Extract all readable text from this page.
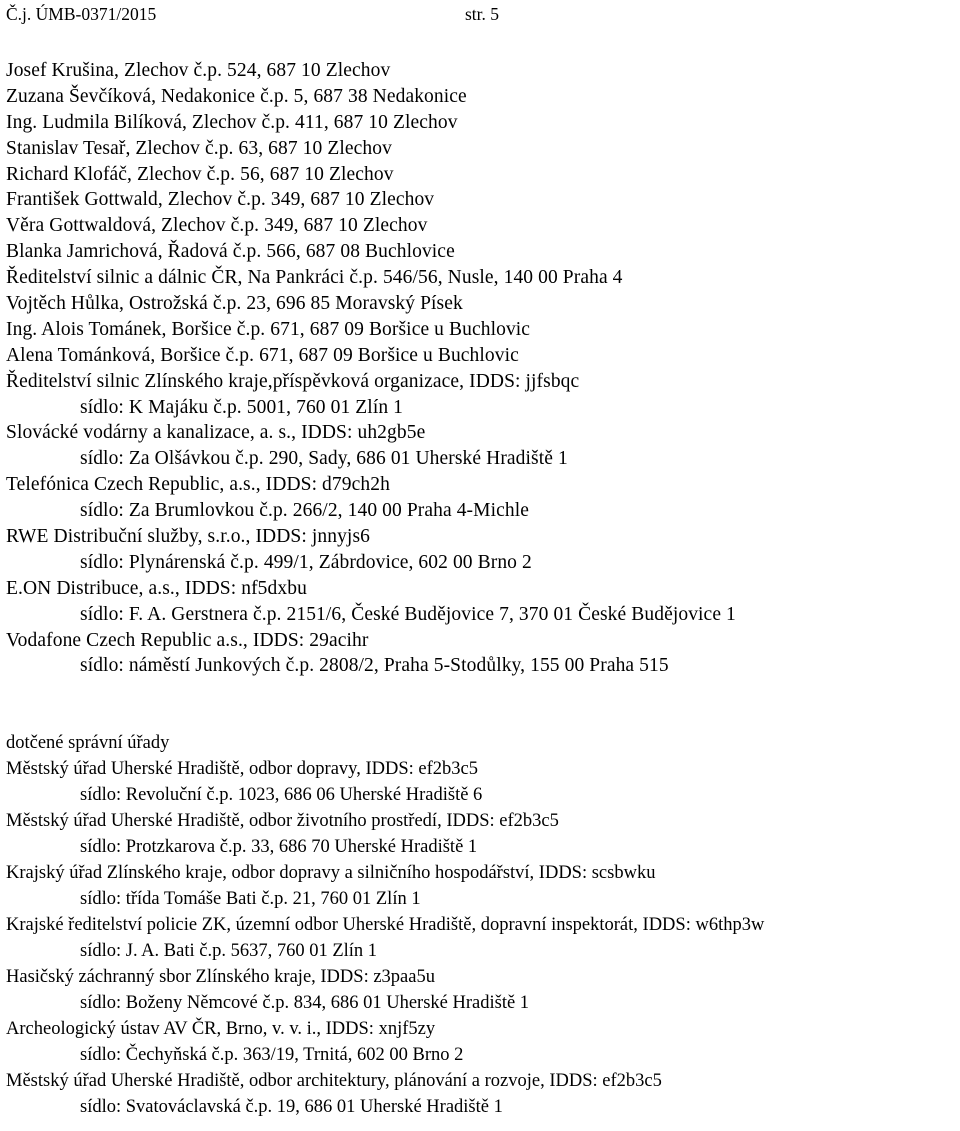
Č.j. ÚMB-0371/2015	str. 5
Josef Krušina, Zlechov č.p. 524, 687 10 Zlechov
Zuzana Ševčíková, Nedakonice č.p. 5, 687 38 Nedakonice
Ing. Ludmila Bilíková, Zlechov č.p. 411, 687 10 Zlechov
Stanislav Tesař, Zlechov č.p. 63, 687 10 Zlechov
Richard Klofáč, Zlechov č.p. 56, 687 10 Zlechov
František Gottwald, Zlechov č.p. 349, 687 10 Zlechov
Věra Gottwaldová, Zlechov č.p. 349, 687 10 Zlechov
Blanka Jamrichová, Řadová č.p. 566, 687 08 Buchlovice
Ředitelství silnic a dálnic ČR, Na Pankráci č.p. 546/56, Nusle, 140 00 Praha 4
Vojtěch Hůlka, Ostrožská č.p. 23, 696 85 Moravský Písek
Ing. Alois Tománek, Boršice č.p. 671, 687 09 Boršice u Buchlovic
Alena Tománková, Boršice č.p. 671, 687 09 Boršice u Buchlovic
Ředitelství silnic Zlínského kraje,příspěvková organizace, IDDS: jjfsbqc
sídlo: K Majáku č.p. 5001, 760 01 Zlín 1
Slovácké vodárny a kanalizace, a. s., IDDS: uh2gb5e
sídlo: Za Olšávkou č.p. 290, Sady, 686 01 Uherské Hradiště 1
Telefónica Czech Republic, a.s., IDDS: d79ch2h
sídlo: Za Brumlovkou č.p. 266/2, 140 00 Praha 4-Michle
RWE Distribuční služby, s.r.o., IDDS: jnnyjs6
sídlo: Plynárenská č.p. 499/1, Zábrdovice, 602 00 Brno 2
E.ON Distribuce, a.s., IDDS: nf5dxbu
sídlo: F. A. Gerstnera č.p. 2151/6, České Budějovice 7, 370 01 České Budějovice 1
Vodafone Czech Republic a.s., IDDS: 29acihr
sídlo: náměstí Junkových č.p. 2808/2, Praha 5-Stodůlky, 155 00 Praha 515
dotčené správní úřady
Městský úřad Uherské Hradiště, odbor dopravy, IDDS: ef2b3c5
sídlo: Revoluční č.p. 1023, 686 06 Uherské Hradiště 6
Městský úřad Uherské Hradiště, odbor životního prostředí, IDDS: ef2b3c5
sídlo: Protzkarova č.p. 33, 686 70 Uherské Hradiště 1
Krajský úřad Zlínského kraje, odbor dopravy a silničního hospodářství, IDDS: scsbwku
sídlo: třída Tomáše Bati č.p. 21, 760 01 Zlín 1
Krajské ředitelství policie ZK, územní odbor Uherské Hradiště, dopravní inspektorát, IDDS: w6thp3w
sídlo: J. A. Bati č.p. 5637, 760 01 Zlín 1
Hasičský záchranný sbor Zlínského kraje, IDDS: z3paa5u
sídlo: Boženy Němcové č.p. 834, 686 01 Uherské Hradiště 1
Archeologický ústav AV ČR, Brno, v. v. i., IDDS: xnjf5zy
sídlo: Čechyňská č.p. 363/19, Trnitá, 602 00 Brno 2
Městský úřad Uherské Hradiště, odbor architektury, plánování a rozvoje, IDDS: ef2b3c5
sídlo: Svatováclavská č.p. 19, 686 01 Uherské Hradiště 1
